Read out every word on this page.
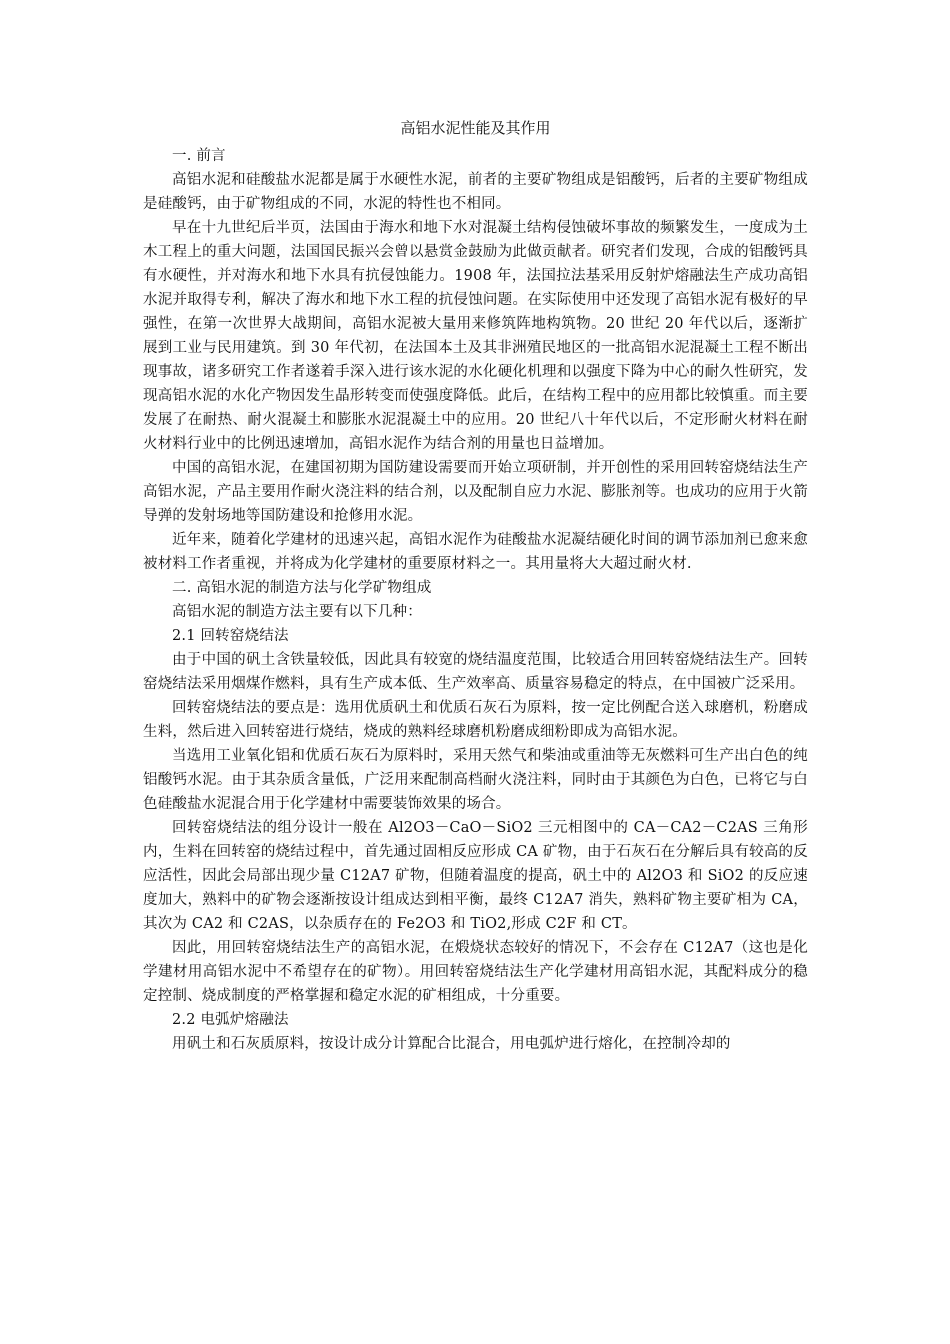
高铝水泥性能及其作用

一. 前言

高铝水泥和硅酸盐水泥都是属于水硬性水泥，前者的主要矿物组成是铝酸钙，后者的主要矿物组成是硅酸钙，由于矿物组成的不同，水泥的特性也不相同。

早在十九世纪后半页，法国由于海水和地下水对混凝土结构侵蚀破坏事故的频繁发生，一度成为土木工程上的重大问题，法国国民振兴会曾以悬赏金鼓励为此做贡献者。研究者们发现，合成的铝酸钙具有水硬性，并对海水和地下水具有抗侵蚀能力。1908 年，法国拉法基采用反射炉熔融法生产成功高铝水泥并取得专利，解决了海水和地下水工程的抗侵蚀问题。在实际使用中还发现了高铝水泥有极好的早强性，在第一次世界大战期间，高铝水泥被大量用来修筑阵地构筑物。20 世纪 20 年代以后，逐渐扩展到工业与民用建筑。到 30 年代初，在法国本土及其非洲殖民地区的一批高铝水泥混凝土工程不断出现事故，诸多研究工作者遂着手深入进行该水泥的水化硬化机理和以强度下降为中心的耐久性研究，发现高铝水泥的水化产物因发生晶形转变而使强度降低。此后，在结构工程中的应用都比较慎重。而主要发展了在耐热、耐火混凝土和膨胀水泥混凝土中的应用。20 世纪八十年代以后，不定形耐火材料在耐火材料行业中的比例迅速增加，高铝水泥作为结合剂的用量也日益增加。

中国的高铝水泥，在建国初期为国防建设需要而开始立项研制，并开创性的采用回转窑烧结法生产高铝水泥，产品主要用作耐火浇注料的结合剂，以及配制自应力水泥、膨胀剂等。也成功的应用于火箭导弹的发射场地等国防建设和抢修用水泥。

近年来，随着化学建材的迅速兴起，高铝水泥作为硅酸盐水泥凝结硬化时间的调节添加剂已愈来愈被材料工作者重视，并将成为化学建材的重要原材料之一。其用量将大大超过耐火材.

二. 高铝水泥的制造方法与化学矿物组成

高铝水泥的制造方法主要有以下几种：

2.1 回转窑烧结法

由于中国的矾土含铁量较低，因此具有较宽的烧结温度范围，比较适合用回转窑烧结法生产。回转窑烧结法采用烟煤作燃料，具有生产成本低、生产效率高、质量容易稳定的特点，在中国被广泛采用。

回转窑烧结法的要点是：选用优质矾土和优质石灰石为原料，按一定比例配合送入球磨机，粉磨成生料，然后进入回转窑进行烧结，烧成的熟料经球磨机粉磨成细粉即成为高铝水泥。

当选用工业氧化铝和优质石灰石为原料时，采用天然气和柴油或重油等无灰燃料可生产出白色的纯铝酸钙水泥。由于其杂质含量低，广泛用来配制高档耐火浇注料，同时由于其颜色为白色，已将它与白色硅酸盐水泥混合用于化学建材中需要装饰效果的场合。

回转窑烧结法的组分设计一般在 Al2O3－CaO－SiO2 三元相图中的 CA－CA2－C2AS 三角形内，生料在回转窑的烧结过程中，首先通过固相反应形成 CA 矿物，由于石灰石在分解后具有较高的反应活性，因此会局部出现少量 C12A7 矿物，但随着温度的提高，矾土中的 Al2O3 和 SiO2 的反应速度加大，熟料中的矿物会逐渐按设计组成达到相平衡，最终 C12A7 消失，熟料矿物主要矿相为 CA，其次为 CA2 和 C2AS，以杂质存在的 Fe2O3 和 TiO2,形成 C2F 和 CT。

因此，用回转窑烧结法生产的高铝水泥，在煅烧状态较好的情况下，不会存在 C12A7（这也是化学建材用高铝水泥中不希望存在的矿物）。用回转窑烧结法生产化学建材用高铝水泥，其配料成分的稳定控制、烧成制度的严格掌握和稳定水泥的矿相组成，十分重要。

2.2 电弧炉熔融法

用矾土和石灰质原料，按设计成分计算配合比混合，用电弧炉进行熔化，在控制冷却的
